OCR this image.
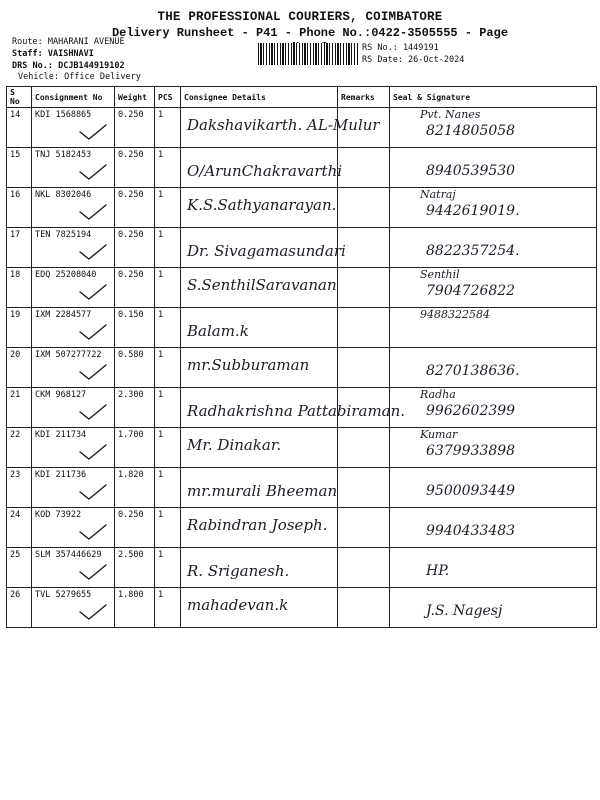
THE PROFESSIONAL COURIERS, COIMBATORE
Delivery Runsheet - P41 - Phone No.:0422-3505555 - Page
Route: MAHARANI AVENUE
Staff: VAISHNAVI
DRS No.: DCJB144919102
Vehicle: Office Delivery
RS No.: 1449191
RS Date: 26-Oct-2024
S No	Consignment No	Weight	PCS	Consignee Details	Remarks	Seal & Signature
14	KDI 1568865	0.250	1	Dakshavikarth. AL-Mulur		Pvt. Nanes
8214805058

15	TNJ 5182453	0.250	1	O/ArunChakravarthi		8940539530

16	NKL 8302046	0.250	1	K.S.Sathyanarayan.		Natraj
9442619019.

17	TEN 7825194	0.250	1	Dr. Sivagamasundari		8822357254.

18	EDQ 25208040	0.250	1	S.SenthilSaravanan		Senthil
7904726822

19	IXM 2284577	0.150	1	Balam.k		9488322584

20	IXM 507277722	0.580	1	mr.Subburaman		8270138636.

21	CKM 968127	2.300	1	Radhakrishna Pattabiraman.		Radha
9962602399

22	KDI 211734	1.700	1	Mr. Dinakar.		Kumar
6379933898

23	KDI 211736	1.820	1	mr.murali Bheeman		9500093449

24	KOD 73922	0.250	1	Rabindran Joseph.		9940433483

25	SLM 357446629	2.500	1	R. Sriganesh.		HP.

26	TVL 5279655	1.800	1	mahadevan.k		J.S. Nagesj
